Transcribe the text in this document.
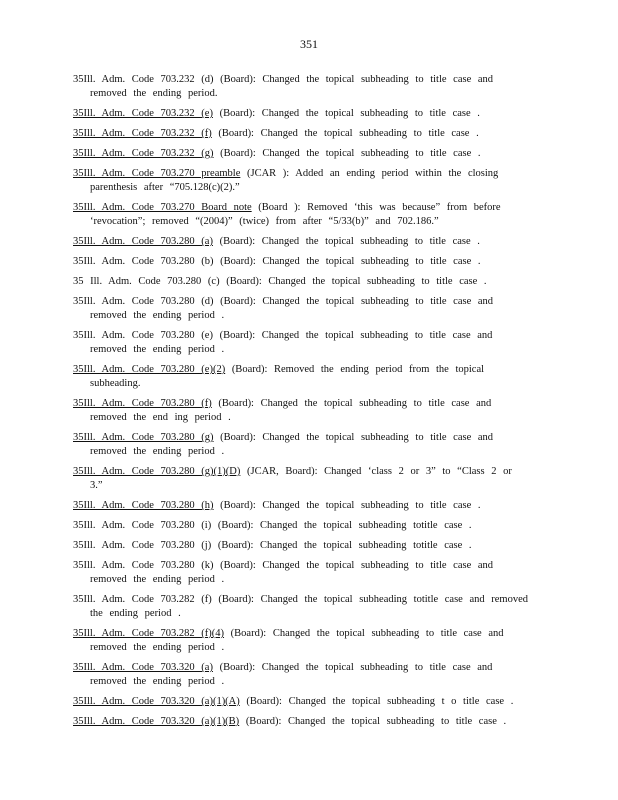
351
35Ill. Adm. Code 703.232 (d) (Board): Changed the topical subheading to title case and removed the ending period.
35Ill. Adm. Code 703.232 (e) (Board): Changed the topical subheading to title case .
35Ill. Adm. Code 703.232 (f) (Board): Changed the topical subheading to title case .
35Ill. Adm. Code 703.232 (g) (Board): Changed the topical subheading to title case .
35Ill. Adm. Code 703.270 preamble (JCAR ): Added an ending period within the closing parenthesis after “705.128(c)(2).”
35Ill. Adm. Code 703.270 Board note (Board ): Removed ‘this was because” from before ‘revocation”; removed “(2004)” (twice) from after “5/33(b)” and 702.186.”
35Ill. Adm. Code 703.280 (a) (Board): Changed the topical subheading to title case .
35Ill. Adm. Code 703.280 (b) (Board): Changed the topical subheading to title case .
35 Ill. Adm. Code 703.280 (c) (Board): Changed the topical subheading to title case .
35Ill. Adm. Code 703.280 (d) (Board): Changed the topical subheading to title case and removed the ending period .
35Ill. Adm. Code 703.280 (e) (Board): Changed the topical subheading to title case and removed the ending period .
35Ill. Adm. Code 703.280 (e)(2) (Board): Removed the ending period from the topical subheading.
35Ill. Adm. Code 703.280 (f) (Board): Changed the topical subheading to title case and removed the end ing period .
35Ill. Adm. Code 703.280 (g) (Board): Changed the topical subheading to title case and removed the ending period .
35Ill. Adm. Code 703.280 (g)(1)(D) (JCAR, Board): Changed ‘class 2 or 3” to “Class 2 or 3.”
35Ill. Adm. Code 703.280 (h) (Board): Changed the topical subheading to title case .
35Ill. Adm. Code 703.280 (i) (Board): Changed the topical subheading totitle case .
35Ill. Adm. Code 703.280 (j) (Board): Changed the topical subheading totitle case .
35Ill. Adm. Code 703.280 (k) (Board): Changed the topical subheading to title case and removed the ending period .
35Ill. Adm. Code 703.282 (f) (Board): Changed the topical subheading totitle case and removed the ending period .
35Ill. Adm. Code 703.282 (f)(4) (Board): Changed the topical subheading to title case and removed the ending period .
35Ill. Adm. Code 703.320 (a) (Board): Changed the topical subheading to title case and removed the ending period .
35Ill. Adm. Code 703.320 (a)(1)(A) (Board): Changed the topical subheading t o title case .
35Ill. Adm. Code 703.320 (a)(1)(B) (Board): Changed the topical subheading to title case .
